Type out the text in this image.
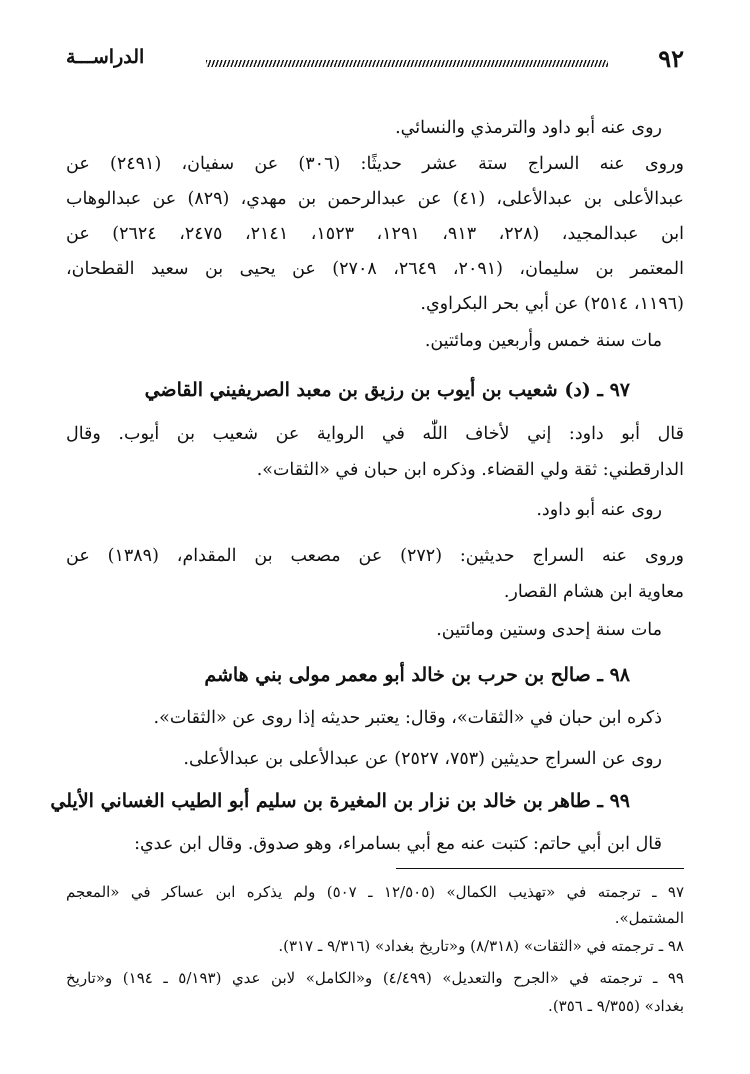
٩٢
الدراســـة
روى عنه أبو داود والترمذي والنسائي.
وروى عنه السراج ستة عشر حديثًا: (٣٠٦) عن سفيان، (٢٤٩١) عن
عبدالأعلى بن عبدالأعلى، (٤١) عن عبدالرحمن بن مهدي، (٨٢٩) عن عبدالوهاب
ابن عبدالمجيد، (٢٢٨، ٩١٣، ١٢٩١، ١٥٢٣، ٢١٤١، ٢٤٧٥، ٢٦٢٤) عن
المعتمر بن سليمان، (٢٠٩١، ٢٦٤٩، ٢٧٠٨) عن يحيى بن سعيد القطحان،
(١١٩٦، ٢٥١٤) عن أبي بحر البكراوي.
مات سنة خمس وأربعين ومائتين.
٩٧ ـ (د) شعيب بن أيوب بن رزيق بن معبد الصريفيني القاضي
قال أبو داود: إني لأخاف اللّٰه في الرواية عن شعيب بن أيوب. وقال
الدارقطني: ثقة ولي القضاء. وذكره ابن حبان في «الثقات».
روى عنه أبو داود.
وروى عنه السراج حديثين: (٢٧٢) عن مصعب بن المقدام، (١٣٨٩) عن
معاوية ابن هشام القصار.
مات سنة إحدى وستين ومائتين.
٩٨ ـ صالح بن حرب بن خالد أبو معمر مولى بني هاشم
ذكره ابن حبان في «الثقات»، وقال: يعتبر حديثه إذا روى عن «الثقات».
روى عن السراج حديثين (٧٥٣، ٢٥٢٧) عن عبدالأعلى بن عبدالأعلى.
٩٩ ـ طاهر بن خالد بن نزار بن المغيرة بن سليم أبو الطيب الغساني الأيلي
قال ابن أبي حاتم: كتبت عنه مع أبي بسامراء، وهو صدوق. وقال ابن عدي:
٩٧ ـ ترجمته في «تهذيب الكمال» (١٢/٥٠٥ ـ ٥٠٧) ولم يذكره ابن عساكر في «المعجم
المشتمل».
٩٨ ـ ترجمته في «الثقات» (٨/٣١٨) و«تاريخ بغداد» (٩/٣١٦ ـ ٣١٧).
٩٩ ـ ترجمته في «الجرح والتعديل» (٤/٤٩٩) و«الكامل» لابن عدي (٥/١٩٣ ـ ١٩٤) و«تاريخ
بغداد» (٩/٣٥٥ ـ ٣٥٦).
